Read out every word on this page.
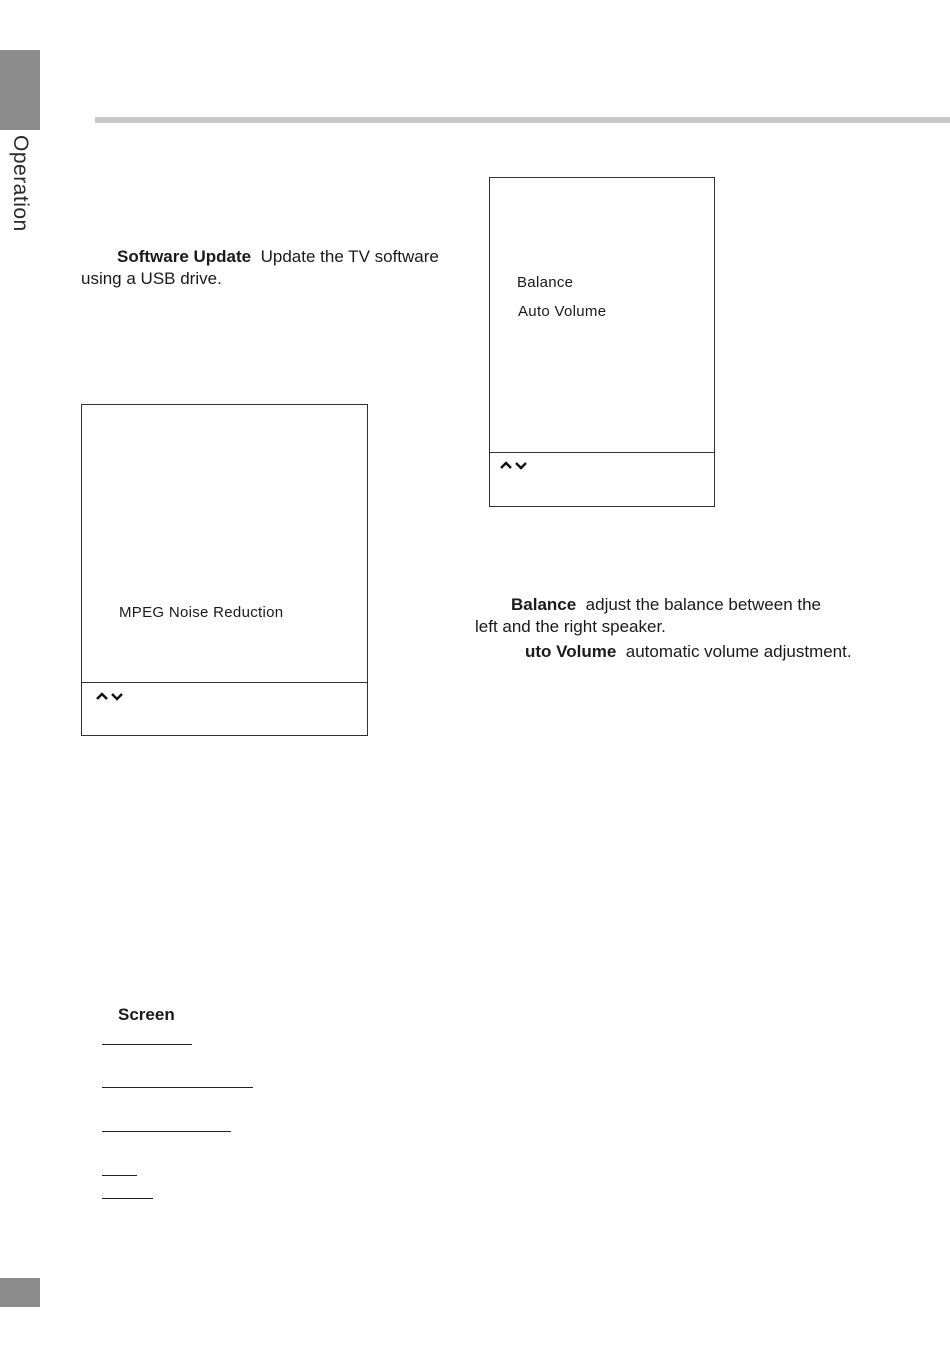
Operation
Software Update Update the TV software
using a USB drive.
MPEG Noise Reduction
Balance
Auto Volume
Balance adjust the balance between the
left and the right speaker.
uto Volume automatic volume adjustment.
Screen
